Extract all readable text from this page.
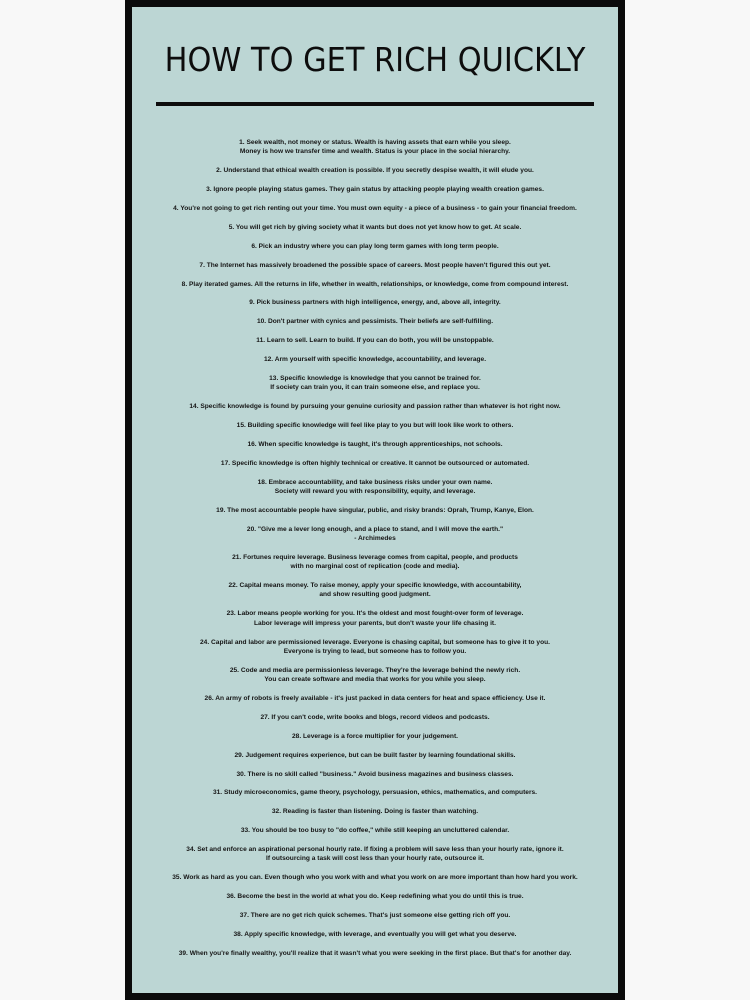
HOW TO GET RICH QUICKLY
1. Seek wealth, not money or status. Wealth is having assets that earn while you sleep.
Money is how we transfer time and wealth. Status is your place in the social hierarchy.
2. Understand that ethical wealth creation is possible. If you secretly despise wealth, it will elude you.
3. Ignore people playing status games. They gain status by attacking people playing wealth creation games.
4. You're not going to get rich renting out your time. You must own equity - a piece of a business - to gain your financial freedom.
5. You will get rich by giving society what it wants but does not yet know how to get. At scale.
6. Pick an industry where you can play long term games with long term people.
7. The Internet has massively broadened the possible space of careers. Most people haven't figured this out yet.
8. Play iterated games. All the returns in life, whether in wealth, relationships, or knowledge, come from compound interest.
9. Pick business partners with high intelligence, energy, and, above all, integrity.
10. Don't partner with cynics and pessimists. Their beliefs are self-fulfilling.
11. Learn to sell. Learn to build. If you can do both, you will be unstoppable.
12. Arm yourself with specific knowledge, accountability, and leverage.
13. Specific knowledge is knowledge that you cannot be trained for.
If society can train you, it can train someone else, and replace you.
14. Specific knowledge is found by pursuing your genuine curiosity and passion rather than whatever is hot right now.
15. Building specific knowledge will feel like play to you but will look like work to others.
16. When specific knowledge is taught, it's through apprenticeships, not schools.
17. Specific knowledge is often highly technical or creative. It cannot be outsourced or automated.
18. Embrace accountability, and take business risks under your own name.
Society will reward you with responsibility, equity, and leverage.
19. The most accountable people have singular, public, and risky brands: Oprah, Trump, Kanye, Elon.
20. "Give me a lever long enough, and a place to stand, and I will move the earth."
- Archimedes
21. Fortunes require leverage. Business leverage comes from capital, people, and products
with no marginal cost of replication (code and media).
22. Capital means money. To raise money, apply your specific knowledge, with accountability,
and show resulting good judgment.
23. Labor means people working for you. It's the oldest and most fought-over form of leverage.
Labor leverage will impress your parents, but don't waste your life chasing it.
24. Capital and labor are permissioned leverage. Everyone is chasing capital, but someone has to give it to you.
Everyone is trying to lead, but someone has to follow you.
25. Code and media are permissionless leverage. They're the leverage behind the newly rich.
You can create software and media that works for you while you sleep.
26. An army of robots is freely available - it's just packed in data centers for heat and space efficiency. Use it.
27. If you can't code, write books and blogs, record videos and podcasts.
28. Leverage is a force multiplier for your judgement.
29. Judgement requires experience, but can be built faster by learning foundational skills.
30. There is no skill called "business." Avoid business magazines and business classes.
31. Study microeconomics, game theory, psychology, persuasion, ethics, mathematics, and computers.
32. Reading is faster than listening. Doing is faster than watching.
33. You should be too busy to "do coffee," while still keeping an uncluttered calendar.
34. Set and enforce an aspirational personal hourly rate. If fixing a problem will save less than your hourly rate, ignore it.
If outsourcing a task will cost less than your hourly rate, outsource it.
35. Work as hard as you can. Even though who you work with and what you work on are more important than how hard you work.
36. Become the best in the world at what you do. Keep redefining what you do until this is true.
37. There are no get rich quick schemes. That's just someone else getting rich off you.
38. Apply specific knowledge, with leverage, and eventually you will get what you deserve.
39. When you're finally wealthy, you'll realize that it wasn't what you were seeking in the first place. But that's for another day.
